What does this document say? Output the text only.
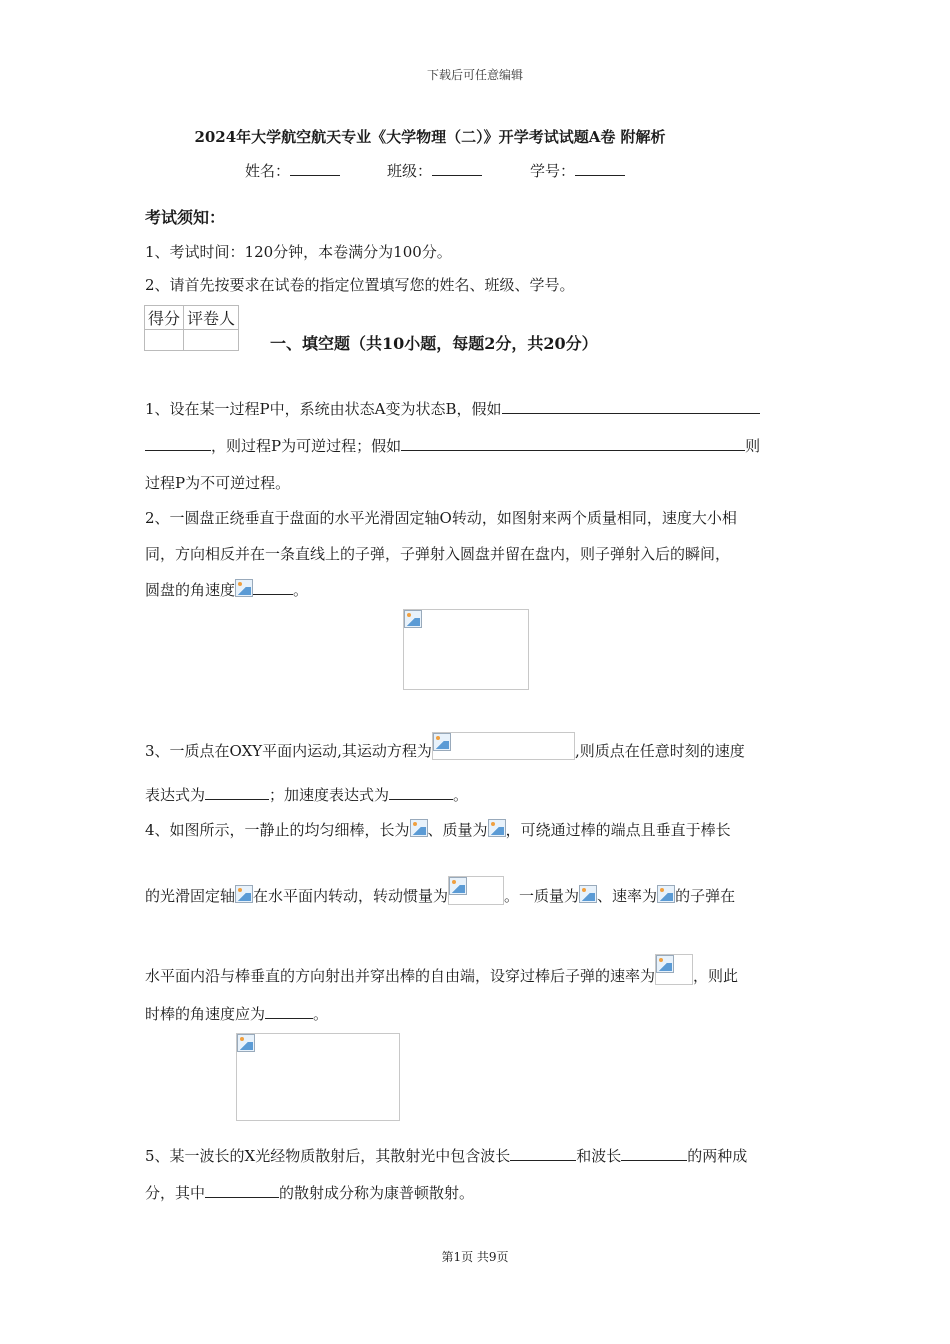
下载后可任意编辑
2024年大学航空航天专业《大学物理（二）》开学考试试题A卷 附解析
姓名：	班级：	学号：
考试须知：
1、考试时间：120分钟，本卷满分为100分。
2、请首先按要求在试卷的指定位置填写您的姓名、班级、学号。
得分	评卷人

一、填空题（共10小题，每题2分，共20分）
1、设在某一过程P中，系统由状态A变为状态B，假如
，则过程P为可逆过程；假如	则
过程P为不可逆过程。
2、一圆盘正绕垂直于盘面的水平光滑固定轴O转动，如图射来两个质量相同，速度大小相
同，方向相反并在一条直线上的子弹，子弹射入圆盘并留在盘内，则子弹射入后的瞬间，
圆盘的角速度	。
3、一质点在OXY平面内运动,其运动方程为	,则质点在任意时刻的速度
表达式为	；加速度表达式为	。
4、如图所示，一静止的均匀细棒，长为 、质量为 ，可绕通过棒的端点且垂直于棒长
的光滑固定轴 在水平面内转动，转动惯量为	。一质量为 、速率为 的子弹在
水平面内沿与棒垂直的方向射出并穿出棒的自由端，设穿过棒后子弹的速率为	，则此
时棒的角速度应为	。
5、某一波长的X光经物质散射后，其散射光中包含波长	和波长	的两种成
分，其中	的散射成分称为康普顿散射。
第1页 共9页
